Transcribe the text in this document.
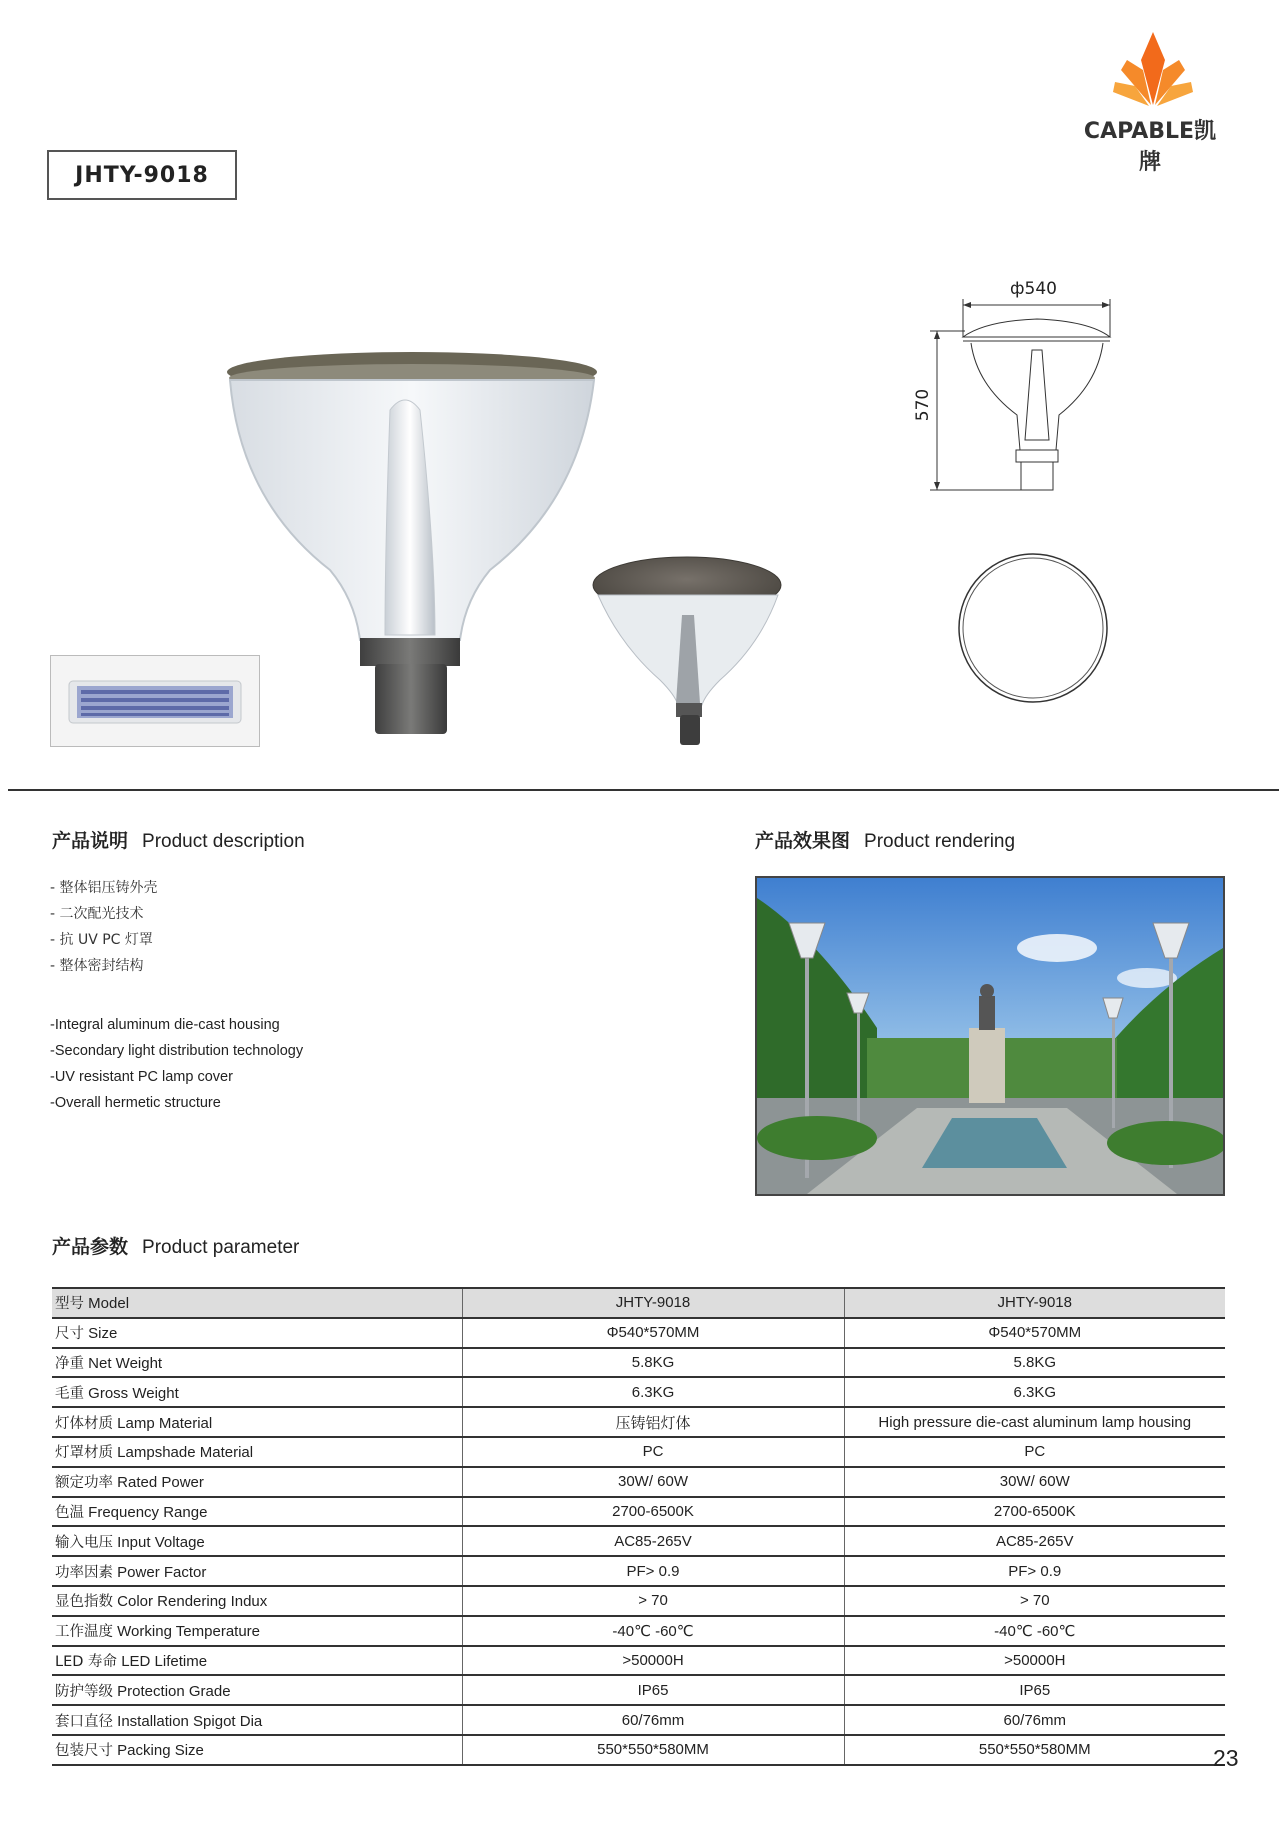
CAPABLE凯牌
JHTY-9018
ф540
570
产品说明 Product description
- 整体铝压铸外壳
- 二次配光技术
- 抗 UV PC 灯罩
- 整体密封结构
-Integral aluminum die-cast housing
-Secondary light distribution technology
-UV resistant PC lamp cover
-Overall hermetic structure
产品效果图 Product rendering
产品参数 Product parameter
型号 Model	JHTY-9018	JHTY-9018
尺寸 Size	Φ540*570MM	Φ540*570MM
净重 Net Weight	5.8KG	5.8KG
毛重 Gross Weight	6.3KG	6.3KG
灯体材质 Lamp Material	压铸铝灯体	High pressure die-cast aluminum lamp housing
灯罩材质 Lampshade Material	PC	PC
额定功率 Rated Power	30W/ 60W	30W/ 60W
色温 Frequency Range	2700-6500K	2700-6500K
输入电压 Input Voltage	AC85-265V	AC85-265V
功率因素 Power Factor	PF> 0.9	PF> 0.9
显色指数 Color Rendering Indux	> 70	> 70
工作温度 Working Temperature	-40℃ -60℃	-40℃ -60℃
LED 寿命 LED Lifetime	>50000H	>50000H
防护等级 Protection Grade	IP65	IP65
套口直径 Installation Spigot Dia	60/76mm	60/76mm
包装尺寸 Packing Size	550*550*580MM	550*550*580MM	23
